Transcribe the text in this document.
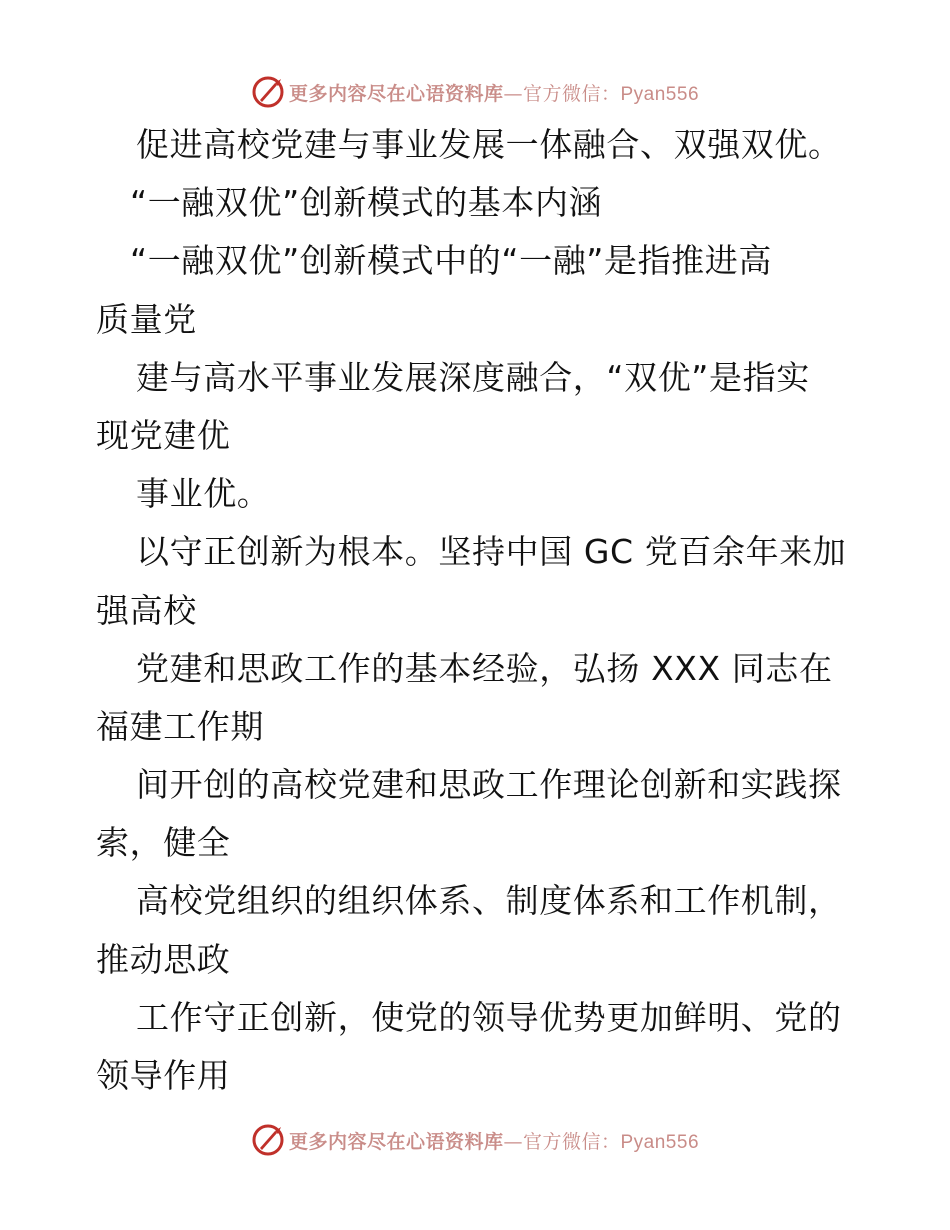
更多内容尽在心语资料库—官方微信：Pyan556
促进高校党建与事业发展一体融合、双强双优。
“一融双优”创新模式的基本内涵
“一融双优”创新模式中的“一融”是指推进高
质量党
建与高水平事业发展深度融合，“双优”是指实
现党建优
事业优。
以守正创新为根本。坚持中国 GC 党百余年来加
强高校
党建和思政工作的基本经验，弘扬 XXX 同志在
福建工作期
间开创的高校党建和思政工作理论创新和实践探
索，健全
高校党组织的组织体系、制度体系和工作机制，
推动思政
工作守正创新，使党的领导优势更加鲜明、党的
领导作用
更多内容尽在心语资料库—官方微信：Pyan556
